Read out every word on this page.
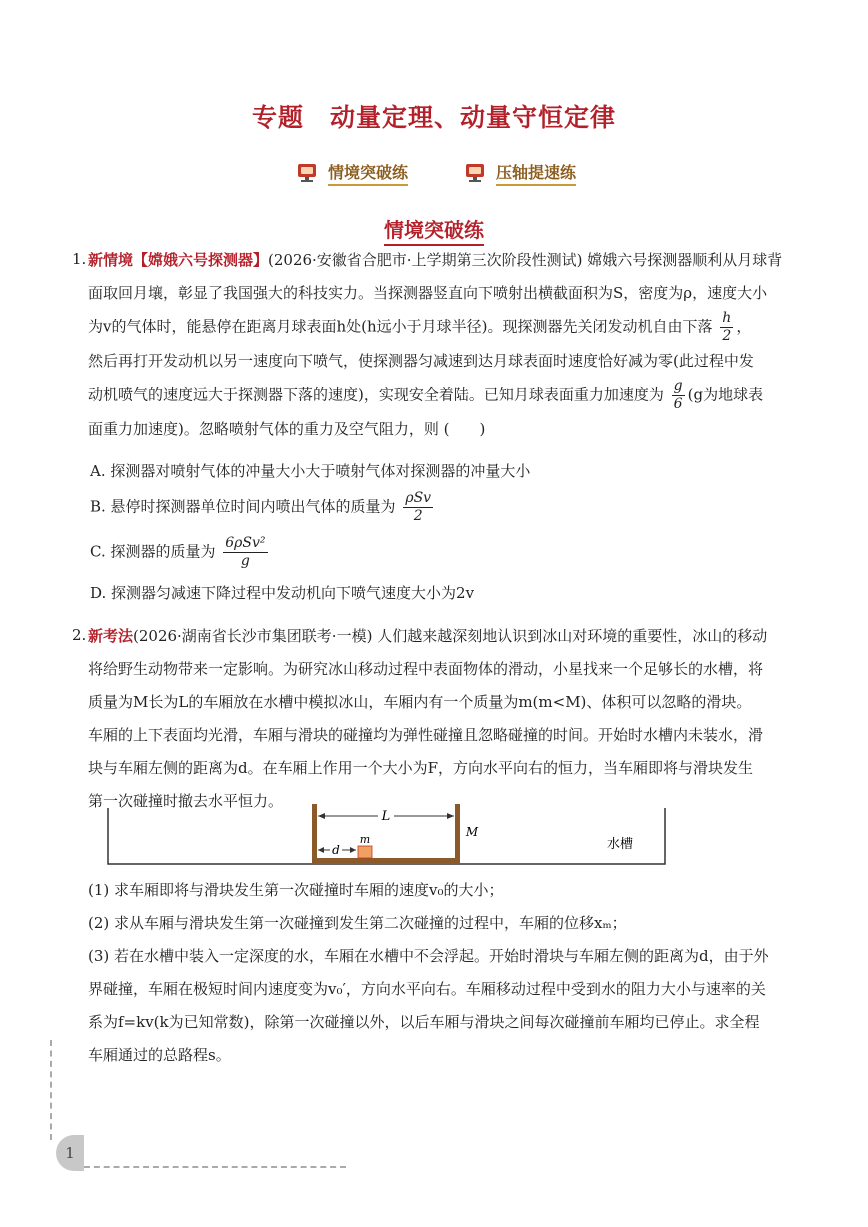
专题　动量定理、动量守恒定律
情境突破练	压轴提速练
情境突破练
1. 新情境【嫦娥六号探测器】(2026·安徽省合肥市·上学期第三次阶段性测试) 嫦娥六号探测器顺利从月球背
面取回月壤，彰显了我国强大的科技实力。当探测器竖直向下喷射出横截面积为S，密度为ρ，速度大小
为v的气体时，能悬停在距离月球表面h处(h远小于月球半径)。现探测器先关闭发动机自由下落 $\frac{h}{2}$ ，
然后再打开发动机以另一速度向下喷气，使探测器匀减速到达月球表面时速度恰好减为零(此过程中发
动机喷气的速度远大于探测器下落的速度)，实现安全着陆。已知月球表面重力加速度为 $\frac{g}{6} (g$为地球表
面重力加速度)。忽略喷射气体的重力及空气阻力，则 (　　)
A. 探测器对喷射气体的冲量大小大于喷射气体对探测器的冲量大小
B. 悬停时探测器单位时间内喷出气体的质量为 $\frac{\text{ρSv}}{2}$
C. 探测器的质量为 $\frac{\text{6ρSv²}}{g}$
D. 探测器匀减速下降过程中发动机向下喷气速度大小为2v
2. 新考法(2026·湖南省长沙市集团联考·一模) 人们越来越深刻地认识到冰山对环境的重要性，冰山的移动
将给野生动物带来一定影响。为研究冰山移动过程中表面物体的滑动，小星找来一个足够长的水槽，将
质量为M长为L的车厢放在水槽中模拟冰山，车厢内有一个质量为m(m<M)、体积可以忽略的滑块。
车厢的上下表面均光滑，车厢与滑块的碰撞均为弹性碰撞且忽略碰撞的时间。开始时水槽内未装水，滑
块与车厢左侧的距离为d。在车厢上作用一个大小为F，方向水平向右的恒力，当车厢即将与滑块发生
第一次碰撞时撤去水平恒力。
L
d
m
M
水槽
(1) 求车厢即将与滑块发生第一次碰撞时车厢的速度v₀的大小；
(2) 求从车厢与滑块发生第一次碰撞到发生第二次碰撞的过程中，车厢的位移xₘ；
(3) 若在水槽中装入一定深度的水，车厢在水槽中不会浮起。开始时滑块与车厢左侧的距离为d，由于外
界碰撞，车厢在极短时间内速度变为v₀′，方向水平向右。车厢移动过程中受到水的阻力大小与速率的关
系为f=kv(k为已知常数)，除第一次碰撞以外，以后车厢与滑块之间每次碰撞前车厢均已停止。求全程
车厢通过的总路程s。
1
